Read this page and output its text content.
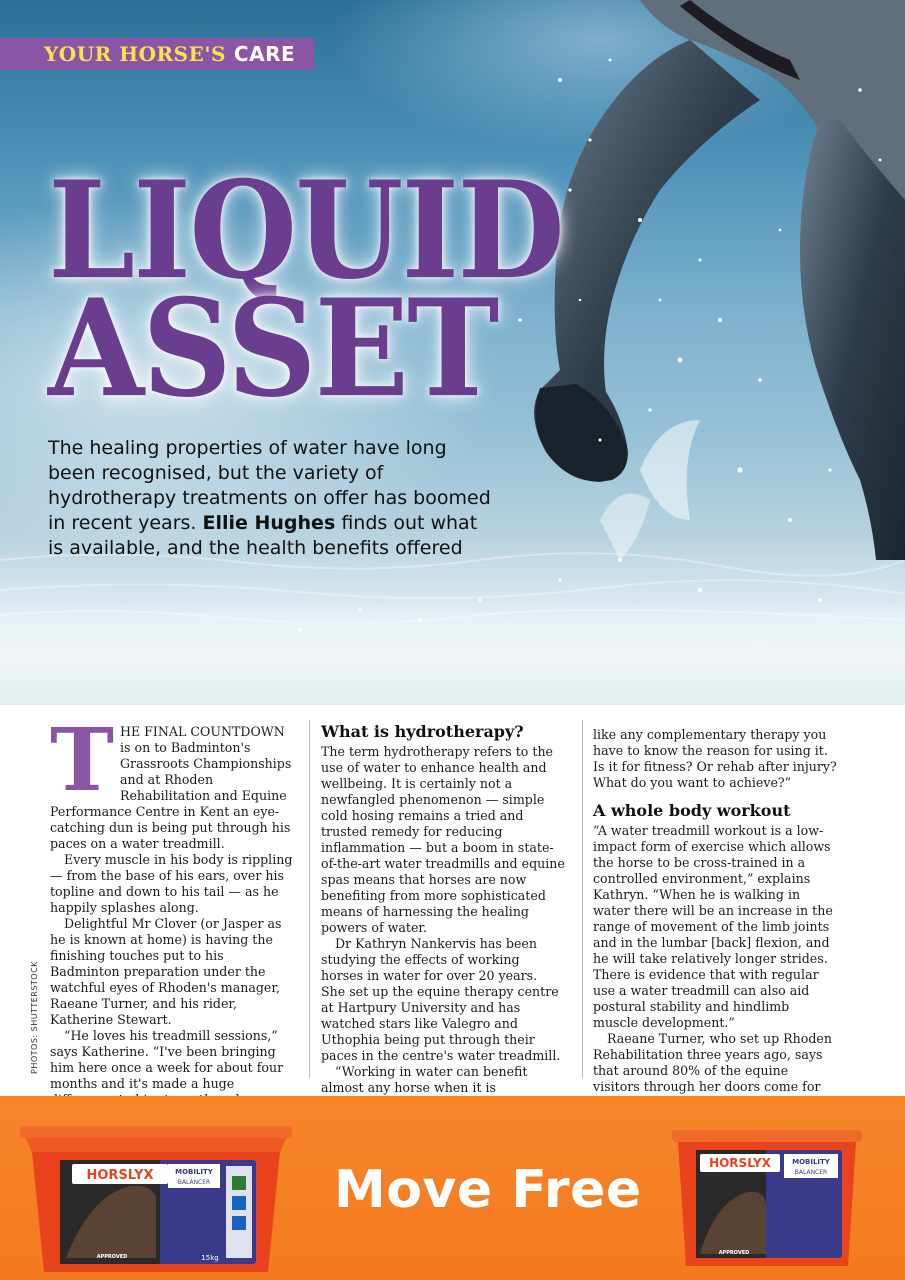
YOUR HORSE'S CARE
LIQUID
ASSET
The healing properties of water have long been recognised, but the variety of hydrotherapy treatments on offer has boomed in recent years. Ellie Hughes finds out what is available, and the health benefits offered
PHOTOS: SHUTTERSTOCK

THE FINAL COUNTDOWN is on to Badminton's Grassroots Championships and at Rhoden Rehabilitation and Equine Performance Centre in Kent an eye-catching dun is being put through his paces on a water treadmill.

Every muscle in his body is rippling — from the base of his ears, over his topline and down to his tail — as he happily splashes along.

Delightful Mr Clover (or Jasper as he is known at home) is having the finishing touches put to his Badminton preparation under the watchful eyes of Rhoden's manager, Raeane Turner, and his rider, Katherine Stewart.

“He loves his treadmill sessions,” says Katherine. “I've been bringing him here once a week for about four months and it's made a huge

What is hydrotherapy?

The term hydrotherapy refers to the use of water to enhance health and wellbeing. It is certainly not a newfangled phenomenon — simple cold hosing remains a tried and trusted remedy for reducing inflammation — but a boom in state-of-the-art water treadmills and equine spas means that horses are now benefiting from more sophisticated means of harnessing the healing powers of water.

Dr Kathryn Nankervis has been studying the effects of working horses in water for over 20 years. She set up the equine therapy centre at Hartpury University and has watched stars like Valegro and Uthophia being put through their paces in the centre's water treadmill.

“Working in water can benefit almost any horse when it is

like any complementary therapy you have to know the reason for using it. Is it for fitness? Or rehab after injury? What do you want to achieve?”

A whole body workout

“A water treadmill workout is a low-impact form of exercise which allows the horse to be cross-trained in a controlled environment,” explains Kathryn. “When he is walking in water there will be an increase in the range of movement of the limb joints and in the lumbar [back] flexion, and he will take relatively longer strides. There is evidence that with regular use a water treadmill can also aid postural stability and hindlimb muscle development.”

Raeane Turner, who set up Rhoden Rehabilitation three years ago, says that around 80% of the equine visitors through her doors come for

HORSLYX	MOBILITY
BALANCER
15kg
APPROVED
Move Free	HORSLYX	MOBILITY
BALANCER
APPROVED
